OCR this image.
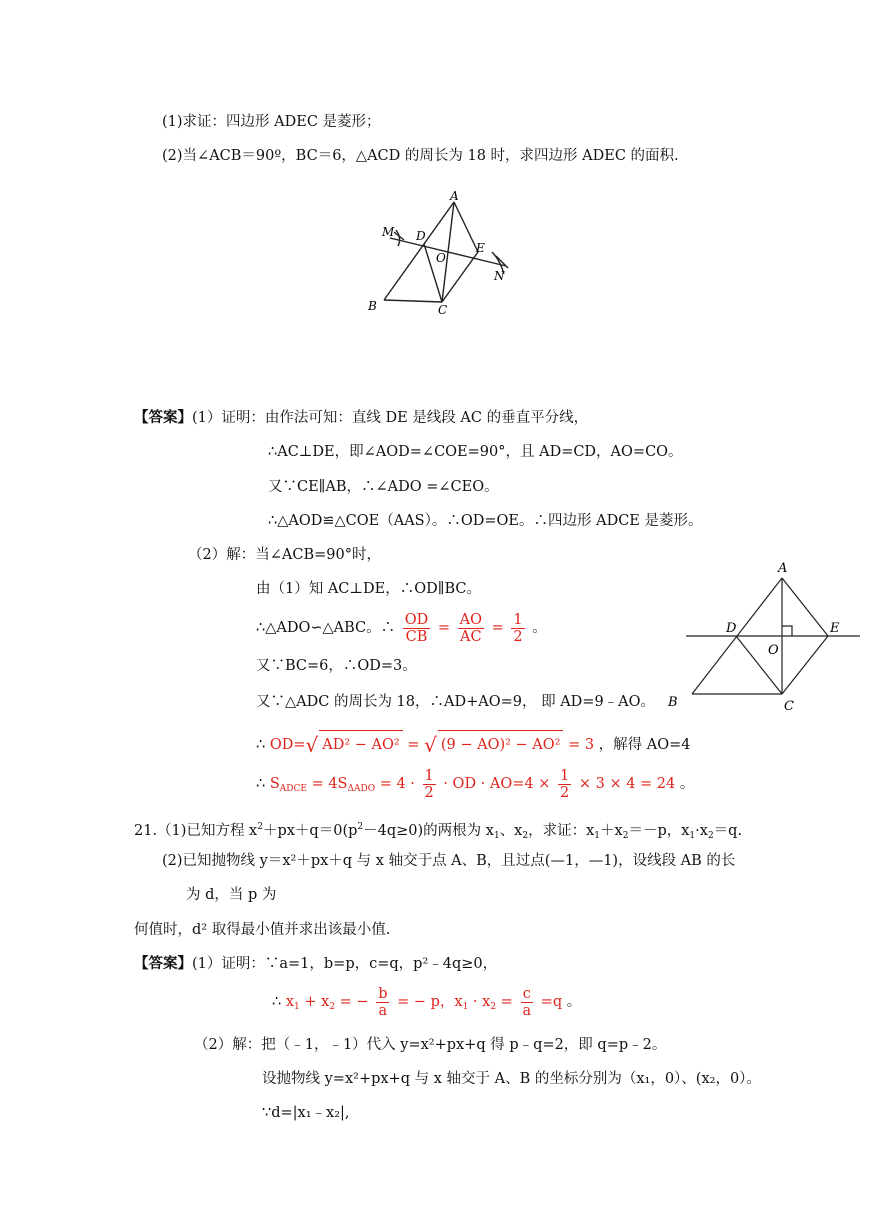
(1)求证：四边形 ADEC 是菱形；
(2)当∠ACB＝90º，BC＝6，△ACD 的周长为 18 时，求四边形 ADEC 的面积.
A
M D
E
O
N
B	C
【答案】(1）证明：由作法可知：直线 DE 是线段 AC 的垂直平分线，
∴AC⊥DE，即∠AOD=∠COE=90°，且 AD=CD，AO=CO。
又∵CE∥AB，∴∠ADO =∠CEO。
∴△AOD≌△COE（AAS）。∴OD=OE。∴四边形 ADCE 是菱形。
（2）解：当∠ACB=90°时，
由（1）知 AC⊥DE，∴OD∥BC。
∴△ADO∽△ABC。∴ $\frac{OD}{CB} = \frac{AO}{AC} = \frac{1}{2}$ 。
又∵BC=6，∴OD=3。
又∵△ADC 的周长为 18，∴AD+AO=9， 即 AD=9﹣AO。
∴ OD=√ AD² − AO² = √ (9 − AO)² − AO² = 3 ，解得 AO=4
∴ $S_{ADCE} = 4S_{\Delta ADO} = 4 \cdot \frac{1}{2}$ · OD · $AO=4 \times \frac{1}{2} \times 3 \times 4 = 24$ 。
A
D	E
O
B	C
21.（1)已知方程 $x^2+px+q=0(p^2-4q\ge 0)$的两根为 $x_1$、$x_2$，求证：$x_1+x_2=-p$，$x_1\cdot x_2=q$.
(2)已知抛物线 y＝x²＋px＋q 与 x 轴交于点 A、B，且过点(—1，—1)，设线段 AB 的长
为 d，当 p 为
何值时，d² 取得最小值并求出该最小值.
【答案】(1）证明：∵a=1，b=p，c=q，p²﹣4q≥0，
∴ $x_1 + x_2$ = − $\frac{b}{a}$ = − p，$x_1 \cdot x_2 = \frac{c}{a} =q$ 。
（2）解：把（﹣1，﹣1）代入 y=x²+px+q 得 p﹣q=2，即 q=p﹣2。
设抛物线 y=x²+px+q 与 x 轴交于 A、B 的坐标分别为（x₁，0）、(x₂，0）。
∵d=|x₁﹣x₂|,
